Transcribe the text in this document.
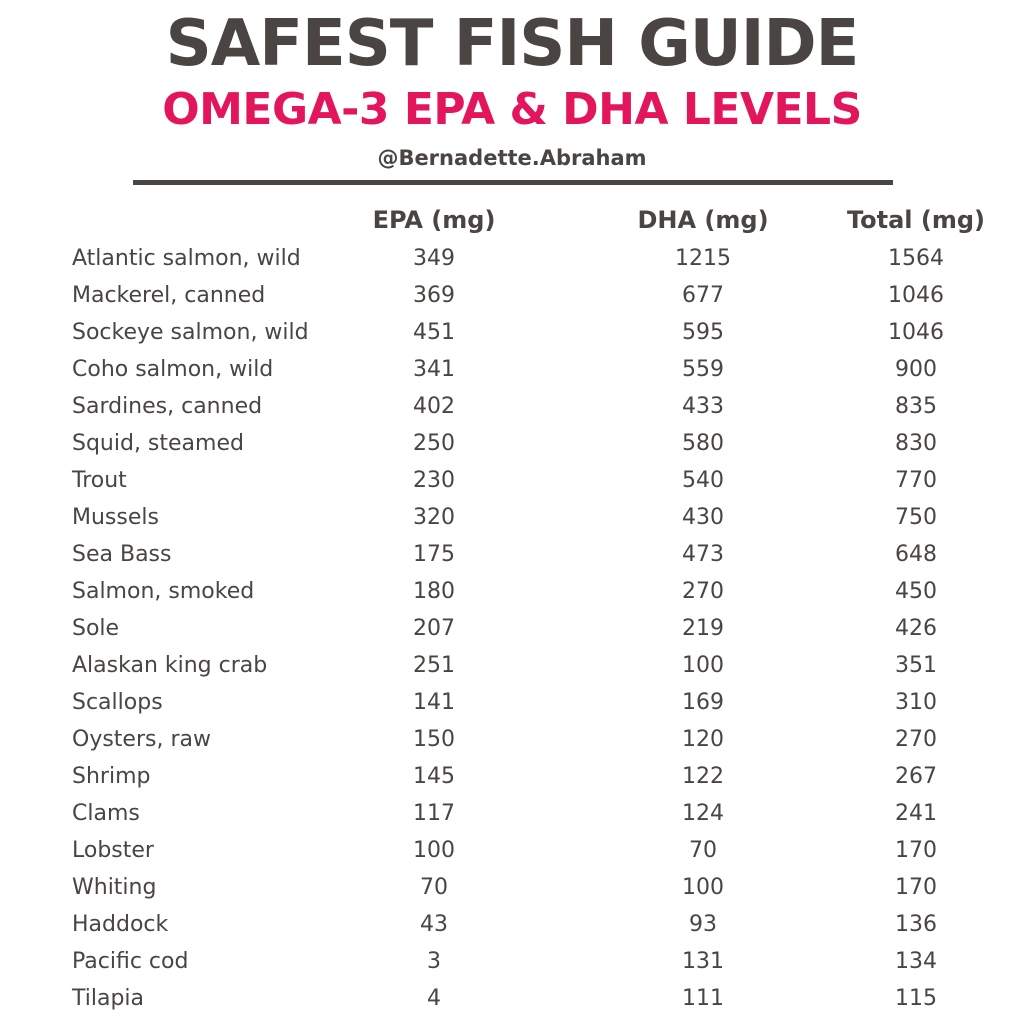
SAFEST FISH GUIDE
OMEGA-3 EPA & DHA LEVELS
@Bernadette.Abraham
EPA (mg)	DHA (mg)	Total (mg)
Atlantic salmon, wild	349	1215	1564
Mackerel, canned	369	677	1046
Sockeye salmon, wild	451	595	1046
Coho salmon, wild	341	559	900
Sardines, canned	402	433	835
Squid, steamed	250	580	830
Trout	230	540	770
Mussels	320	430	750
Sea Bass	175	473	648
Salmon, smoked	180	270	450
Sole	207	219	426
Alaskan king crab	251	100	351
Scallops	141	169	310
Oysters, raw	150	120	270
Shrimp	145	122	267
Clams	117	124	241
Lobster	100	70	170
Whiting	70	100	170
Haddock	43	93	136
Pacific cod	3	131	134
Tilapia	4	111	115
